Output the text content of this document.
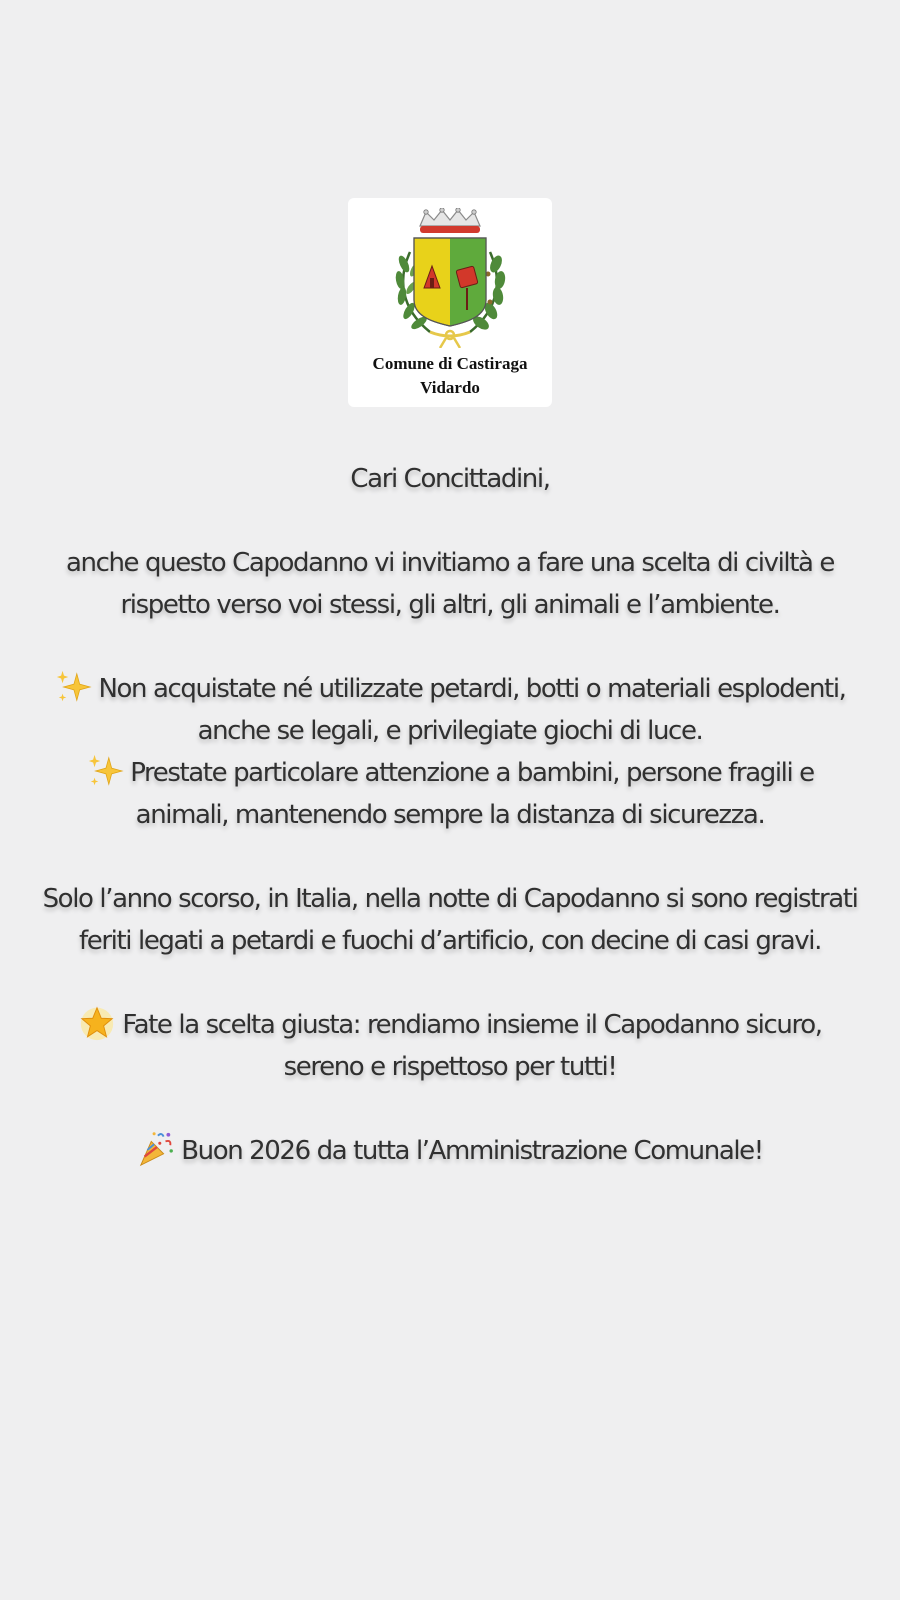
Comune di Castiraga
Vidardo

Cari Concittadini,

anche questo Capodanno vi invitiamo a fare una scelta di civiltà e rispetto verso voi stessi, gli altri, gli animali e l’ambiente.

Non acquistate né utilizzate petardi, botti o materiali esplodenti, anche se legali, e privilegiate giochi di luce.

Prestate particolare attenzione a bambini, persone fragili e animali, mantenendo sempre la distanza di sicurezza.

Solo l’anno scorso, in Italia, nella notte di Capodanno si sono registrati feriti legati a petardi e fuochi d’artificio, con decine di casi gravi.

Fate la scelta giusta: rendiamo insieme il Capodanno sicuro, sereno e rispettoso per tutti!

Buon 2026 da tutta l’Amministrazione Comunale!
